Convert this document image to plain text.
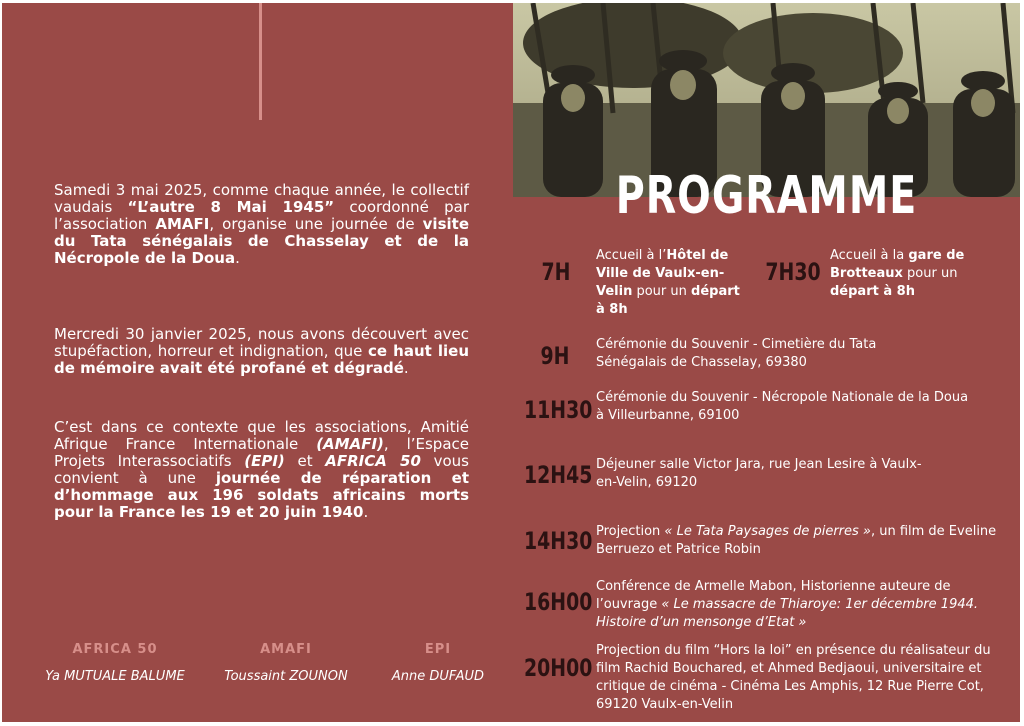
Samedi 3 mai 2025, comme chaque année, le collectif vaudais “L’autre 8 Mai 1945” coordonné par l’association AMAFI, organise une journée de visite du Tata sénégalais de Chasselay et de la Nécropole de la Doua.
Mercredi 30 janvier 2025, nous avons découvert avec stupéfaction, horreur et indignation, que ce haut lieu de mémoire avait été profané et dégradé.
C’est dans ce contexte que les associations, Amitié Afrique France Internationale (AMAFI), l’Espace Projets Interassociatifs (EPI) et AFRICA 50 vous convient à une journée de réparation et d’hommage aux 196 soldats africains morts pour la France les 19 et 20 juin 1940.
PROGRAMME
7H
Accueil à l’Hôtel de Ville de Vaulx-en-Velin pour un départ à 8h
7H30
Accueil à la gare de Brotteaux pour un départ à 8h
9H	Cérémonie du Souvenir - Cimetière du Tata Sénégalais de Chasselay, 69380
11H30 Cérémonie du Souvenir - Nécropole Nationale de la Doua à Villeurbanne, 69100
12H45 Déjeuner salle Victor Jara, rue Jean Lesire à Vaulx-en-Velin, 69120
14H30 Projection « Le Tata Paysages de pierres », un film de Eveline Berruezo et Patrice Robin
16H00
Conférence de Armelle Mabon, Historienne auteure de l’ouvrage « Le massacre de Thiaroye: 1er décembre 1944. Histoire d’un mensonge d’Etat »
20H00
Projection du film “Hors la loi” en présence du réalisateur du film Rachid Bouchared, et Ahmed Bedjaoui, universitaire et critique de cinéma - Cinéma Les Amphis, 12 Rue Pierre Cot, 69120 Vaulx-en-Velin
AFRICA 50
Ya MUTUALE BALUME
AMAFI
Toussaint ZOUNON
EPI
Anne DUFAUD
